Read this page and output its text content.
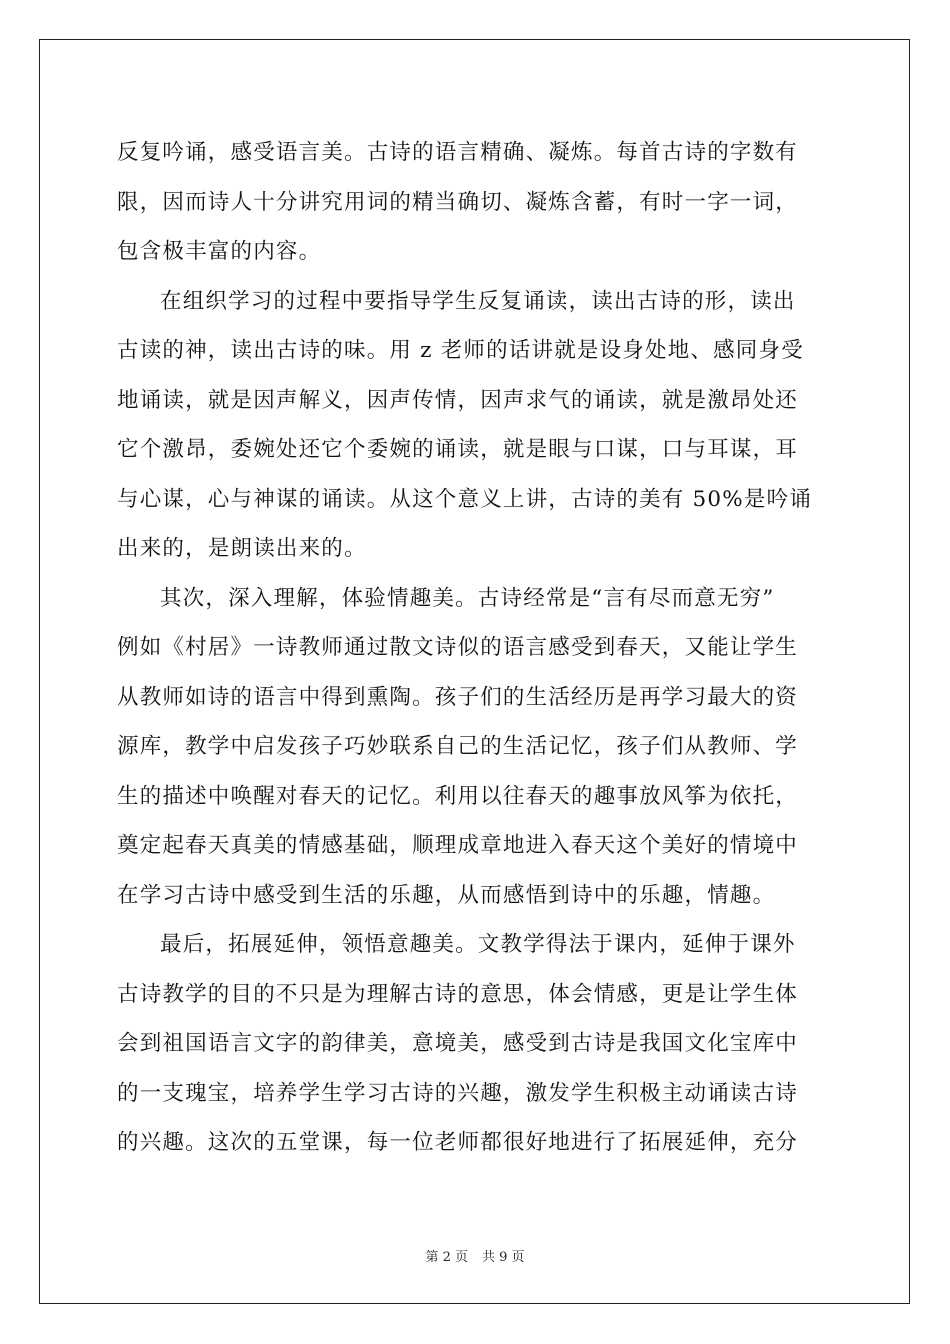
反复吟诵，感受语言美。古诗的语言精确、凝炼。每首古诗的字数有
限，因而诗人十分讲究用词的精当确切、凝炼含蓄，有时一字一词，
包含极丰富的内容。
在组织学习的过程中要指导学生反复诵读，读出古诗的形，读出
古读的神，读出古诗的味。用 z 老师的话讲就是设身处地、感同身受
地诵读，就是因声解义，因声传情，因声求气的诵读，就是激昂处还
它个激昂，委婉处还它个委婉的诵读，就是眼与口谋，口与耳谋，耳
与心谋，心与神谋的诵读。从这个意义上讲，古诗的美有 50%是吟诵
出来的，是朗读出来的。
其次，深入理解，体验情趣美。古诗经常是“言有尽而意无穷”
例如《村居》一诗教师通过散文诗似的语言感受到春天，又能让学生
从教师如诗的语言中得到熏陶。孩子们的生活经历是再学习最大的资
源库，教学中启发孩子巧妙联系自己的生活记忆，孩子们从教师、学
生的描述中唤醒对春天的记忆。利用以往春天的趣事放风筝为依托，
奠定起春天真美的情感基础，顺理成章地进入春天这个美好的情境中
在学习古诗中感受到生活的乐趣，从而感悟到诗中的乐趣，情趣。
最后，拓展延伸，领悟意趣美。文教学得法于课内，延伸于课外
古诗教学的目的不只是为理解古诗的意思，体会情感，更是让学生体
会到祖国语言文字的韵律美，意境美，感受到古诗是我国文化宝库中
的一支瑰宝，培养学生学习古诗的兴趣，激发学生积极主动诵读古诗
的兴趣。这次的五堂课，每一位老师都很好地进行了拓展延伸，充分
第 2 页 共 9 页
